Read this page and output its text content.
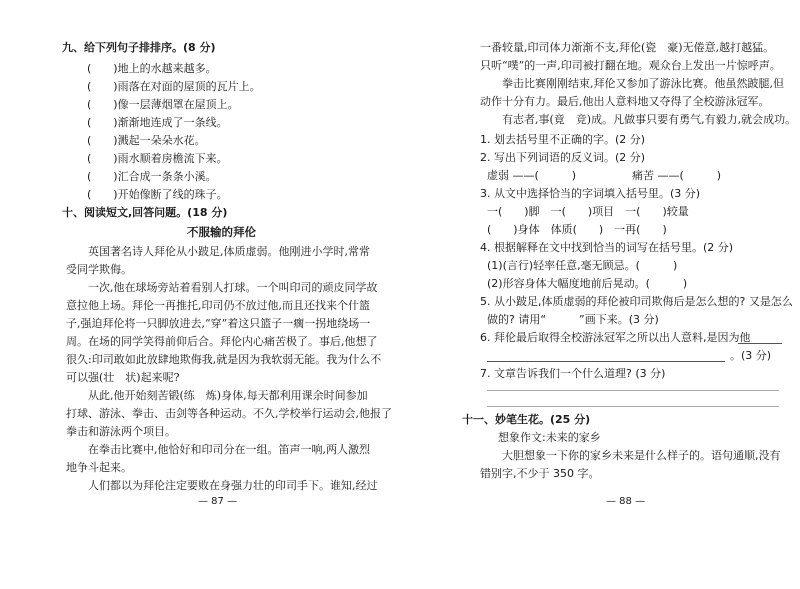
九、给下列句子排排序。(8 分)
(　　)地上的水越来越多。
(　　)雨落在对面的屋顶的瓦片上。
(　　)像一层薄烟罩在屋顶上。
(　　)渐渐地连成了一条线。
(　　)溅起一朵朵水花。
(　　)雨水顺着房檐流下来。
(　　)汇合成一条条小溪。
(　　)开始像断了线的珠子。
十、阅读短文,回答问题。(18 分)
不服输的拜伦
　　英国著名诗人拜伦从小跛足,体质虚弱。他刚进小学时,常常
受同学欺侮。
　　一次,他在球场旁站着看别人打球。一个叫印司的顽皮同学故
意拉他上场。拜伦一再推托,印司仍不放过他,而且还找来个什篮
子,强迫拜伦将一只脚放进去,“穿”着这只篮子一瘸一拐地绕场一
周。在场的同学笑得前仰后合。拜伦内心痛苦极了。事后,他想了
很久:印司敢如此放肆地欺侮我,就是因为我软弱无能。我为什么不
可以强(壮　状)起来呢?
　　从此,他开始刻苦锻(练　炼)身体,每天都利用课余时间参加
打球、游泳、拳击、击剑等各种运动。不久,学校举行运动会,他报了
拳击和游泳两个项目。
　　在拳击比赛中,他恰好和印司分在一组。笛声一响,两人激烈
地争斗起来。
　　人们都以为拜伦注定要败在身强力壮的印司手下。谁知,经过
— 87 —
一番较量,印司体力渐渐不支,拜伦(瓷　豪)无倦意,越打越猛。
只听“噗”的一声,印司被打翻在地。观众台上发出一片惊呼声。
　　拳击比赛刚刚结束,拜伦又参加了游泳比赛。他虽然跛腿,但
动作十分有力。最后,他出人意料地又夺得了全校游泳冠军。
　　有志者,事(竟　竞)成。凡做事只要有勇气,有毅力,就会成功。
1. 划去括号里不正确的字。(2 分)
2. 写出下列词语的反义词。(2 分)
虚弱 ——(　　　)	痛苦 ——(　　　)
3. 从文中选择恰当的字词填入括号里。(3 分)
一(　　)脚　一(　　)项目　一(　　)较量
(　　)身体　体质(　　)　一再(　　)
4. 根据解释在文中找到恰当的词写在括号里。(2 分)
(1)(言行)轻率任意,毫无顾忌。(　　　)
(2)形容身体大幅度地前后晃动。(　　　)
5. 从小跛足,体质虚弱的拜伦被印司欺侮后是怎么想的? 又是怎么
做的? 请用“　　　”画下来。(3 分)
6. 拜伦最后取得全校游泳冠军之所以出人意料,是因为他
。(3 分)
7. 文章告诉我们一个什么道理? (3 分)
十一、妙笔生花。(25 分)
想象作文:未来的家乡
　　大胆想象一下你的家乡未来是什么样子的。语句通顺,没有
错别字,不少于 350 字。
— 88 —
